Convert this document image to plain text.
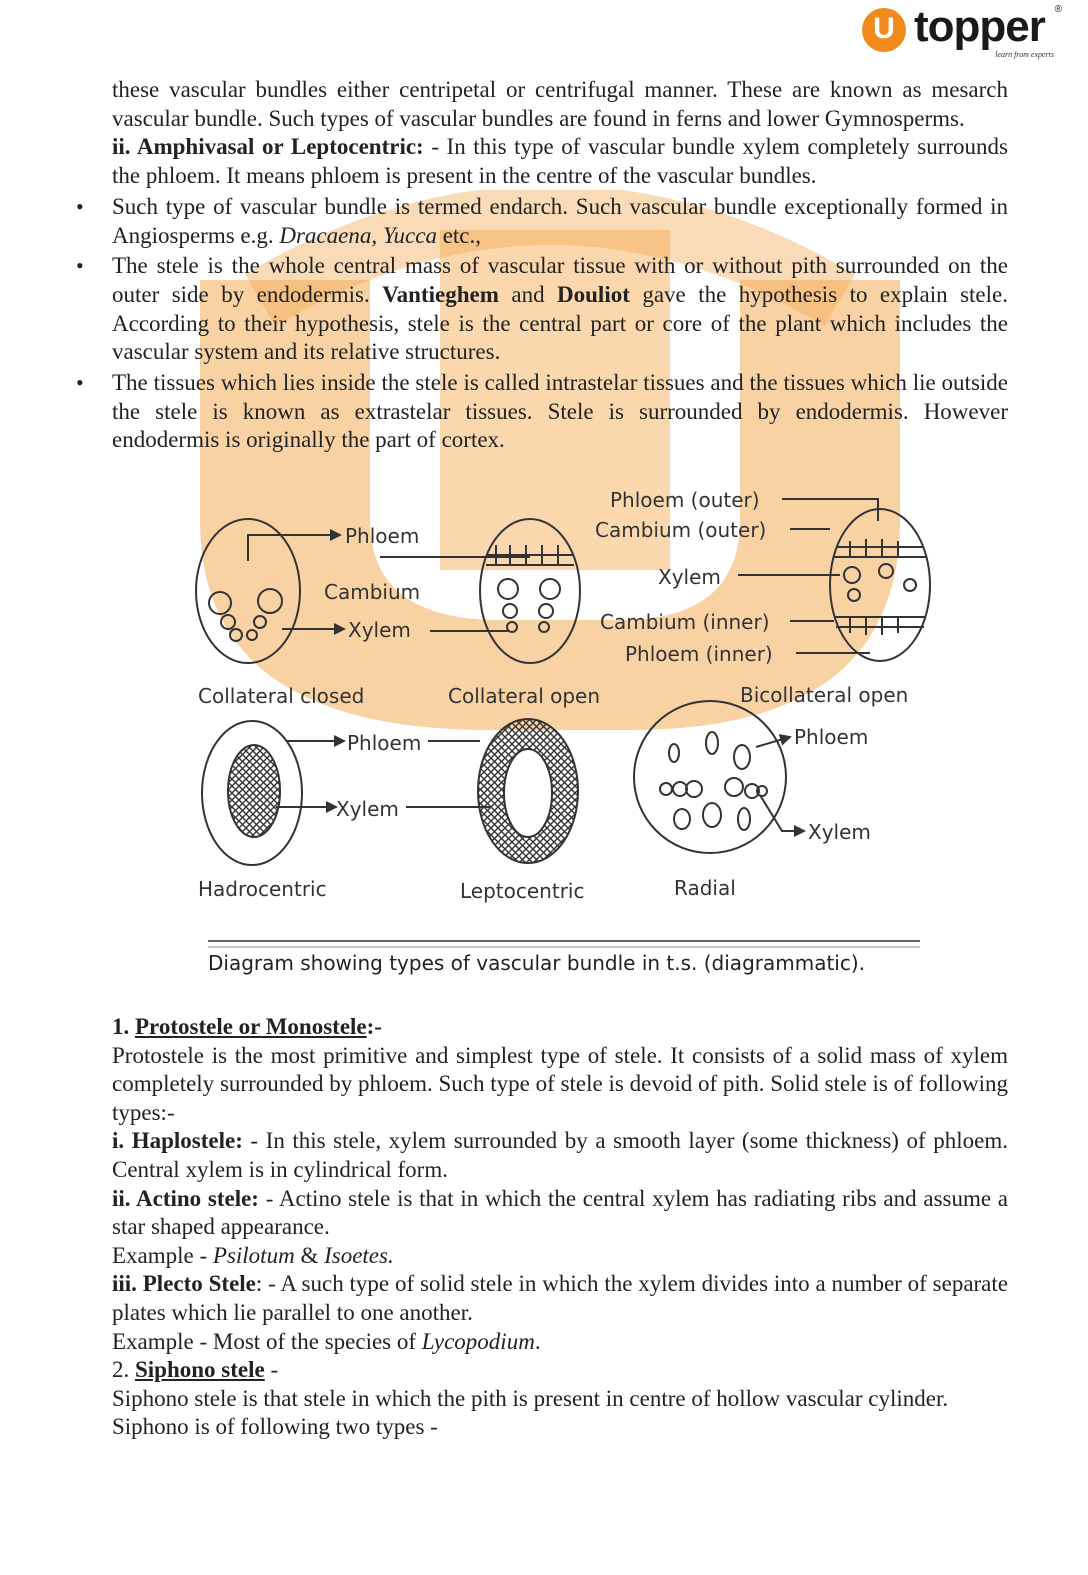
U topper ®
learn from experts

these vascular bundles either centripetal or centrifugal manner. These are known as mesarch vascular bundle. Such types of vascular bundles are found in ferns and lower Gymnosperms.

ii. Amphivasal or Leptocentric: - In this type of vascular bundle xylem completely surrounds the phloem. It means phloem is present in the centre of the vascular bundles.

• Such type of vascular bundle is termed endarch. Such vascular bundle exceptionally formed in Angiosperms e.g. Dracaena, Yucca etc.,
• The stele is the whole central mass of vascular tissue with or without pith surrounded on the outer side by endodermis. Vantieghem and Douliot gave the hypothesis to explain stele. According to their hypothesis, stele is the central part or core of the plant which includes the vascular system and its relative structures.
• The tissues which lies inside the stele is called intrastelar tissues and the tissues which lie outside the stele is known as extrastelar tissues. Stele is surrounded by endodermis. However endodermis is originally the part of cortex.
Phloem
Cambium
Xylem
Phloem (outer)
Cambium (outer)
Xylem
Cambium (inner)
Phloem (inner)
Collateral closed	Collateral open	Bicollateral open
Phloem
Xylem
Phloem
Xylem
Hadrocentric	Leptocentric	Radial
Diagram showing types of vascular bundle in t.s. (diagrammatic).

1. Protostele or Monostele:-

Protostele is the most primitive and simplest type of stele. It consists of a solid mass of xylem completely surrounded by phloem. Such type of stele is devoid of pith. Solid stele is of following types:-

i. Haplostele: - In this stele, xylem surrounded by a smooth layer (some thickness) of phloem. Central xylem is in cylindrical form.

ii. Actino stele: - Actino stele is that in which the central xylem has radiating ribs and assume a star shaped appearance.

Example - Psilotum & Isoetes.

iii. Plecto Stele: - A such type of solid stele in which the xylem divides into a number of separate plates which lie parallel to one another.

Example - Most of the species of Lycopodium.

2. Siphono stele -

Siphono stele is that stele in which the pith is present in centre of hollow vascular cylinder.

Siphono is of following two types -
